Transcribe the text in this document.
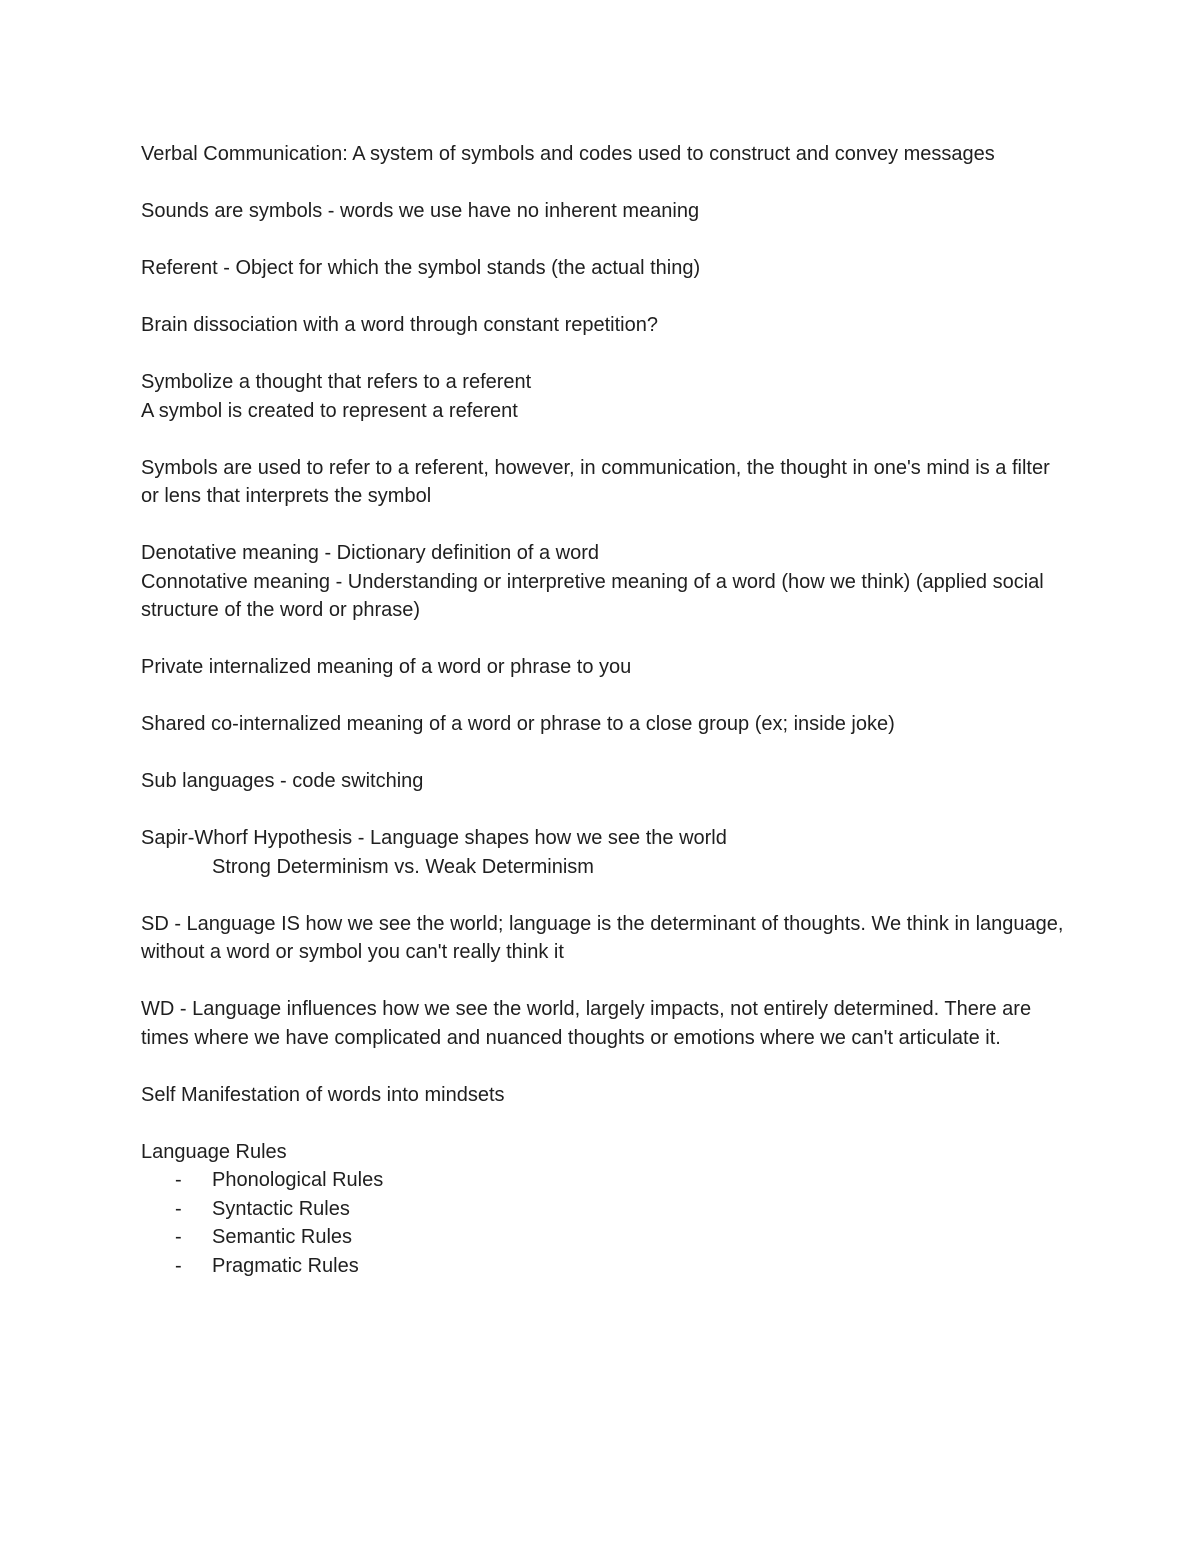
Verbal Communication: A system of symbols and codes used to construct and convey messages

Sounds are symbols - words we use have no inherent meaning

Referent - Object for which the symbol stands (the actual thing)

Brain dissociation with a word through constant repetition?

Symbolize a thought that refers to a referent
A symbol is created to represent a referent

Symbols are used to refer to a referent, however, in communication, the thought in one's mind is a filter or lens that interprets the symbol

Denotative meaning - Dictionary definition of a word
Connotative meaning - Understanding or interpretive meaning of a word (how we think) (applied social structure of the word or phrase)

Private internalized meaning of a word or phrase to you

Shared co-internalized meaning of a word or phrase to a close group (ex; inside joke)

Sub languages - code switching

Sapir-Whorf Hypothesis - Language shapes how we see the world
Strong Determinism vs. Weak Determinism

SD - Language IS how we see the world; language is the determinant of thoughts. We think in language, without a word or symbol you can't really think it

WD - Language influences how we see the world, largely impacts, not entirely determined. There are times where we have complicated and nuanced thoughts or emotions where we can't articulate it.

Self Manifestation of words into mindsets

Language Rules
- Phonological Rules
- Syntactic Rules
- Semantic Rules
- Pragmatic Rules
